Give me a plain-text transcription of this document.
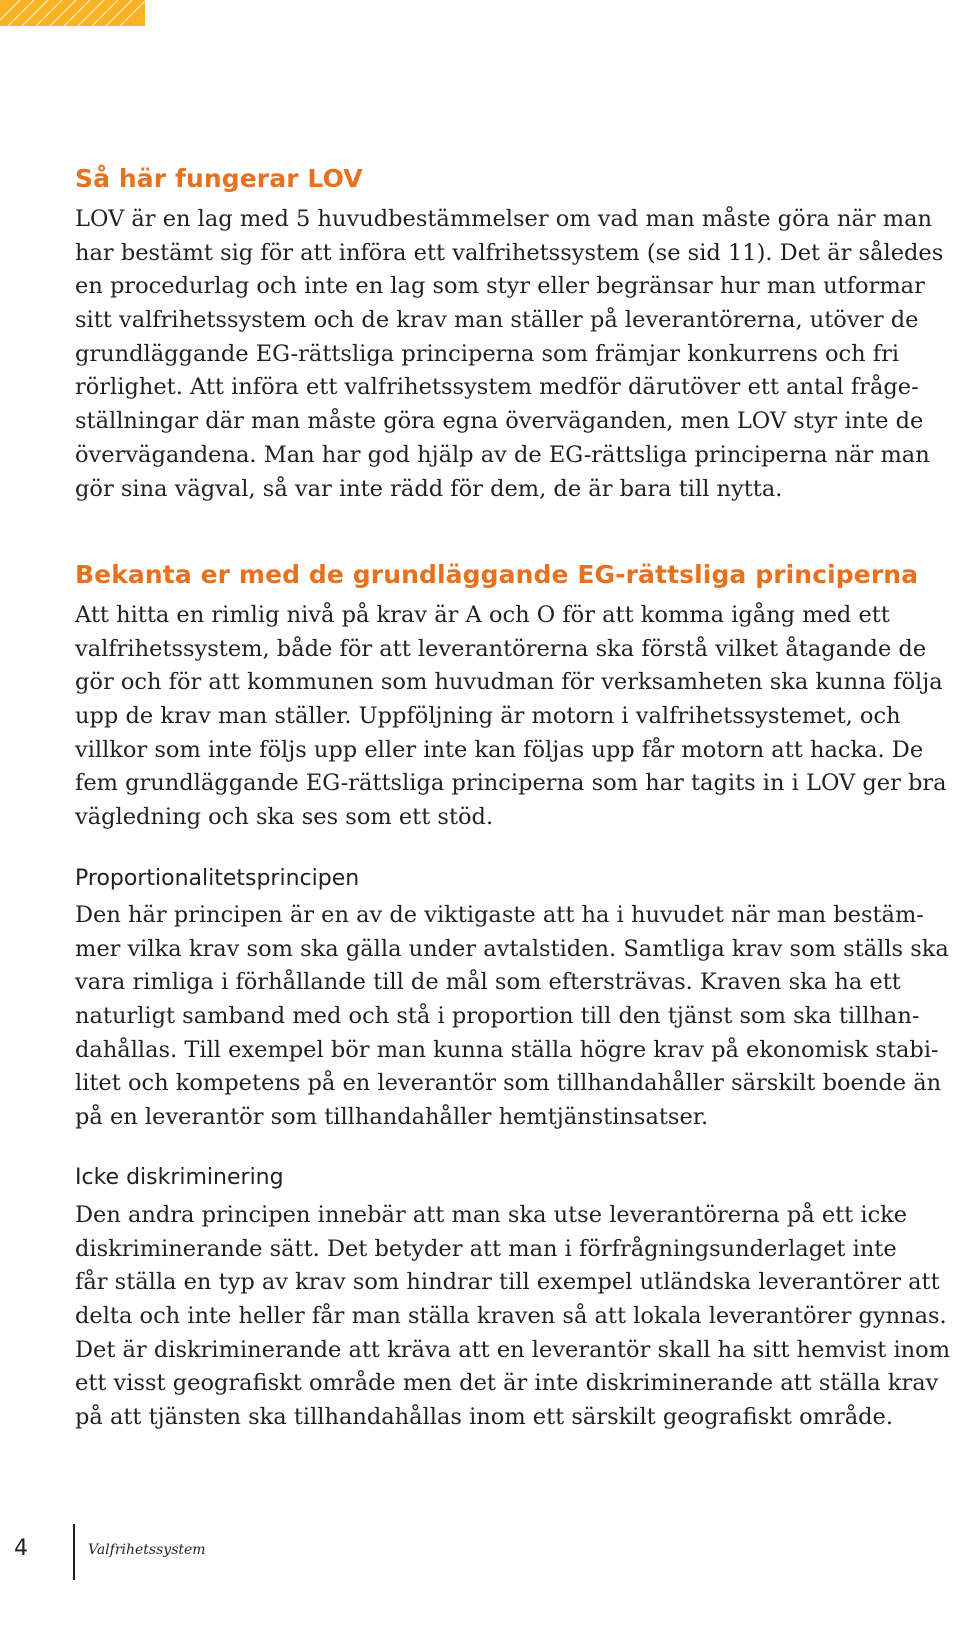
Så här fungerar LOV
LOV är en lag med 5 huvudbestämmelser om vad man måste göra när man
har bestämt sig för att införa ett valfrihetssystem (se sid 11). Det är således
en procedurlag och inte en lag som styr eller begränsar hur man utformar
sitt valfrihetssystem och de krav man ställer på leverantörerna, utöver de
grundläggande EG-rättsliga principerna som främjar konkurrens och fri
rörlighet. Att införa ett valfrihetssystem medför därutöver ett antal fråge-
ställningar där man måste göra egna överväganden, men LOV styr inte de
övervägandena. Man har god hjälp av de EG-rättsliga principerna när man
gör sina vägval, så var inte rädd för dem, de är bara till nytta.
Bekanta er med de grundläggande EG-rättsliga principerna
Att hitta en rimlig nivå på krav är A och O för att komma igång med ett
valfrihetssystem, både för att leverantörerna ska förstå vilket åtagande de
gör och för att kommunen som huvudman för verksamheten ska kunna följa
upp de krav man ställer. Uppföljning är motorn i valfrihetssystemet, och
villkor som inte följs upp eller inte kan följas upp får motorn att hacka. De
fem grundläggande EG-rättsliga principerna som har tagits in i LOV ger bra
vägledning och ska ses som ett stöd.
Proportionalitetsprincipen
Den här principen är en av de viktigaste att ha i huvudet när man bestäm-
mer vilka krav som ska gälla under avtalstiden. Samtliga krav som ställs ska
vara rimliga i förhållande till de mål som eftersträvas. Kraven ska ha ett
naturligt samband med och stå i proportion till den tjänst som ska tillhan-
dahållas. Till exempel bör man kunna ställa högre krav på ekonomisk stabi-
litet och kompetens på en leverantör som tillhandahåller särskilt boende än
på en leverantör som tillhandahåller hemtjänstinsatser.
Icke diskriminering
Den andra principen innebär att man ska utse leverantörerna på ett icke
diskriminerande sätt. Det betyder att man i förfrågningsunderlaget inte
får ställa en typ av krav som hindrar till exempel utländska leverantörer att
delta och inte heller får man ställa kraven så att lokala leverantörer gynnas.
Det är diskriminerande att kräva att en leverantör skall ha sitt hemvist inom
ett visst geografiskt område men det är inte diskriminerande att ställa krav
på att tjänsten ska tillhandahållas inom ett särskilt geografiskt område.
4	Valfrihetssystem
